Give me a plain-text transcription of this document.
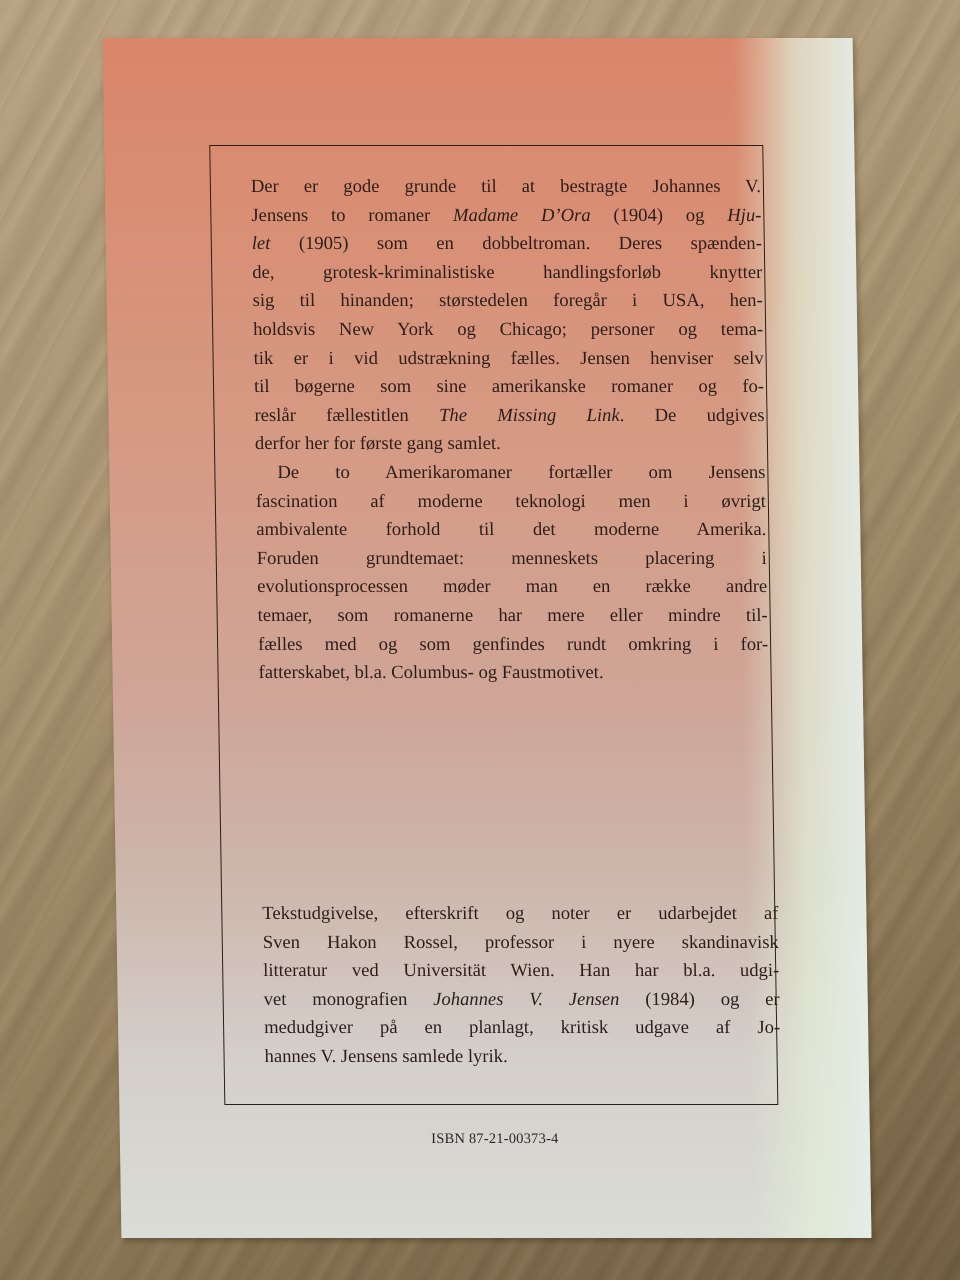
Der er gode grunde til at bestragte Johannes V.
Jensens to romaner Madame D’Ora (1904) og Hju-
let (1905) som en dobbeltroman. Deres spænden-
de, grotesk-kriminalistiske handlingsforløb knytter
sig til hinanden; størstedelen foregår i USA, hen-
holdsvis New York og Chicago; personer og tema-
tik er i vid udstrækning fælles. Jensen henviser selv
til bøgerne som sine amerikanske romaner og fo-
reslår fællestitlen The Missing Link. De udgives
derfor her for første gang samlet.
De to Amerikaromaner fortæller om Jensens
fascination af moderne teknologi men i øvrigt
ambivalente forhold til det moderne Amerika.
Foruden grundtemaet: menneskets placering i
evolutionsprocessen møder man en række andre
temaer, som romanerne har mere eller mindre til-
fælles med og som genfindes rundt omkring i for-
fatterskabet, bl.a. Columbus- og Faustmotivet.
Tekstudgivelse, efterskrift og noter er udarbejdet af
Sven Hakon Rossel, professor i nyere skandinavisk
litteratur ved Universität Wien. Han har bl.a. udgi-
vet monografien Johannes V. Jensen (1984) og er
medudgiver på en planlagt, kritisk udgave af Jo-
hannes V. Jensens samlede lyrik.
ISBN 87-21-00373-4
